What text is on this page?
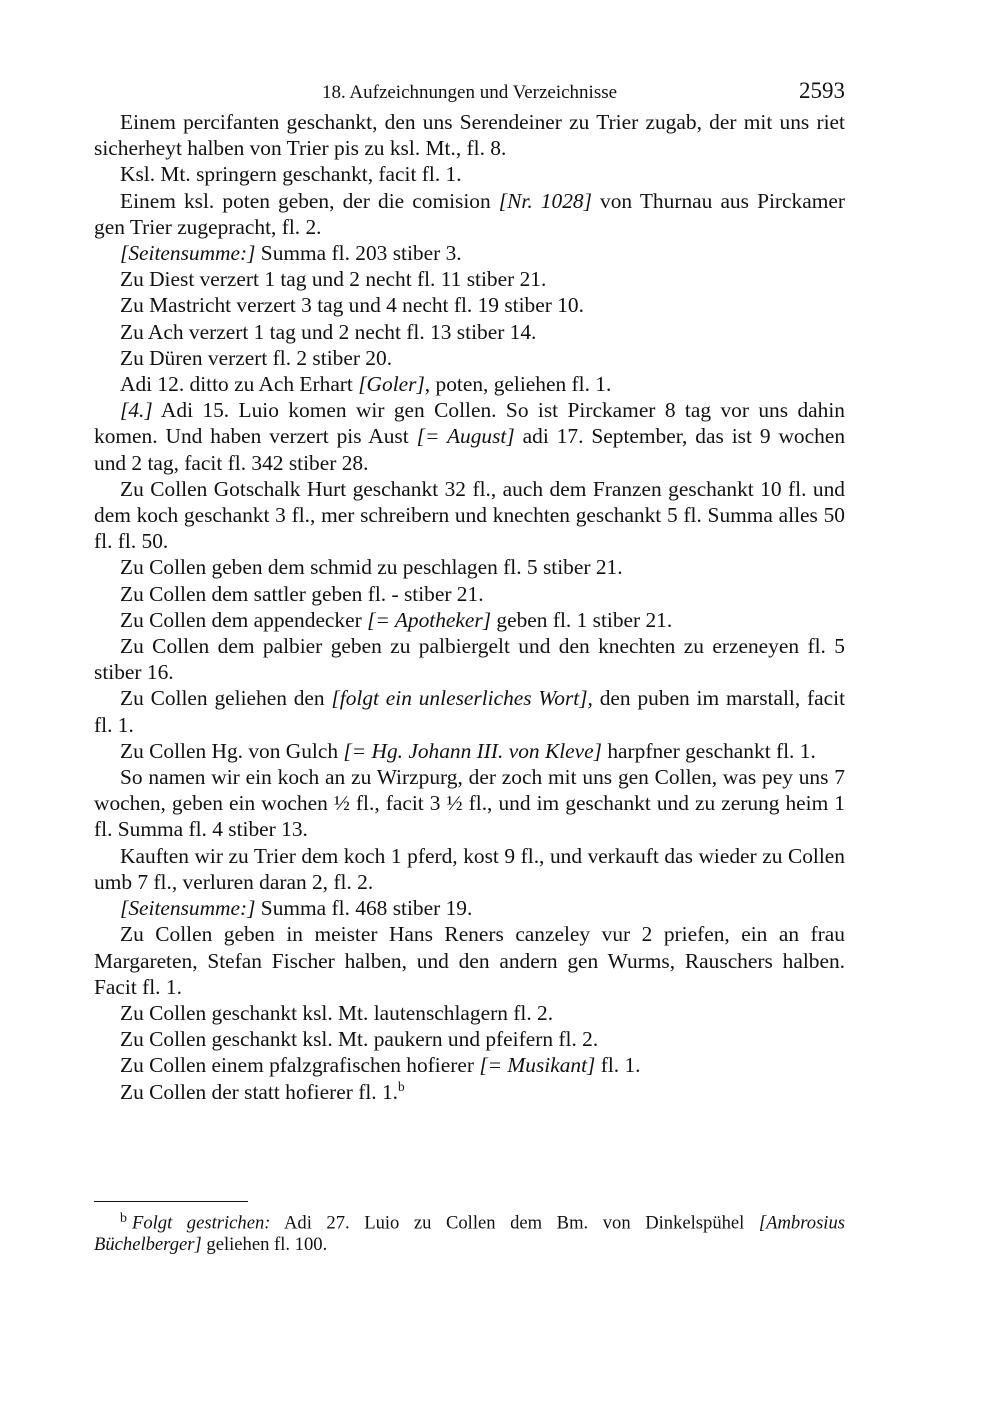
18. Aufzeichnungen und Verzeichnisse	2593

Einem percifanten geschankt, den uns Serendeiner zu Trier zugab, der mit uns riet sicherheyt halben von Trier pis zu ksl. Mt., fl. 8.

Ksl. Mt. springern geschankt, facit fl. 1.

Einem ksl. poten geben, der die comision [Nr. 1028] von Thurnau aus Pirckamer gen Trier zugepracht, fl. 2.

[Seitensumme:] Summa fl. 203 stiber 3.

Zu Diest verzert 1 tag und 2 necht fl. 11 stiber 21.

Zu Mastricht verzert 3 tag und 4 necht fl. 19 stiber 10.

Zu Ach verzert 1 tag und 2 necht fl. 13 stiber 14.

Zu Düren verzert fl. 2 stiber 20.

Adi 12. ditto zu Ach Erhart [Goler], poten, geliehen fl. 1.

[4.] Adi 15. Luio komen wir gen Collen. So ist Pirckamer 8 tag vor uns dahin komen. Und haben verzert pis Aust [= August] adi 17. September, das ist 9 wochen und 2 tag, facit fl. 342 stiber 28.

Zu Collen Gotschalk Hurt geschankt 32 fl., auch dem Franzen geschankt 10 fl. und dem koch geschankt 3 fl., mer schreibern und knechten geschankt 5 fl. Summa alles 50 fl. fl. 50.

Zu Collen geben dem schmid zu peschlagen fl. 5 stiber 21.

Zu Collen dem sattler geben fl. - stiber 21.

Zu Collen dem appendecker [= Apotheker] geben fl. 1 stiber 21.

Zu Collen dem palbier geben zu palbiergelt und den knechten zu erzeneyen fl. 5 stiber 16.

Zu Collen geliehen den [folgt ein unleserliches Wort], den puben im marstall, facit fl. 1.

Zu Collen Hg. von Gulch [= Hg. Johann III. von Kleve] harpfner geschankt fl. 1.

So namen wir ein koch an zu Wirzpurg, der zoch mit uns gen Collen, was pey uns 7 wochen, geben ein wochen ½ fl., facit 3 ½ fl., und im geschankt und zu zerung heim 1 fl. Summa fl. 4 stiber 13.

Kauften wir zu Trier dem koch 1 pferd, kost 9 fl., und verkauft das wieder zu Collen umb 7 fl., verluren daran 2, fl. 2.

[Seitensumme:] Summa fl. 468 stiber 19.

Zu Collen geben in meister Hans Reners canzeley vur 2 priefen, ein an frau Margareten, Stefan Fischer halben, und den andern gen Wurms, Rauschers halben. Facit fl. 1.

Zu Collen geschankt ksl. Mt. lautenschlagern fl. 2.

Zu Collen geschankt ksl. Mt. paukern und pfeifern fl. 2.

Zu Collen einem pfalzgrafischen hofierer [= Musikant] fl. 1.

Zu Collen der statt hofierer fl. 1.$^b$

$^b$ Folgt gestrichen: Adi 27. Luio zu Collen dem Bm. von Dinkelspühel [Ambrosius Büchelberger] geliehen fl. 100.
